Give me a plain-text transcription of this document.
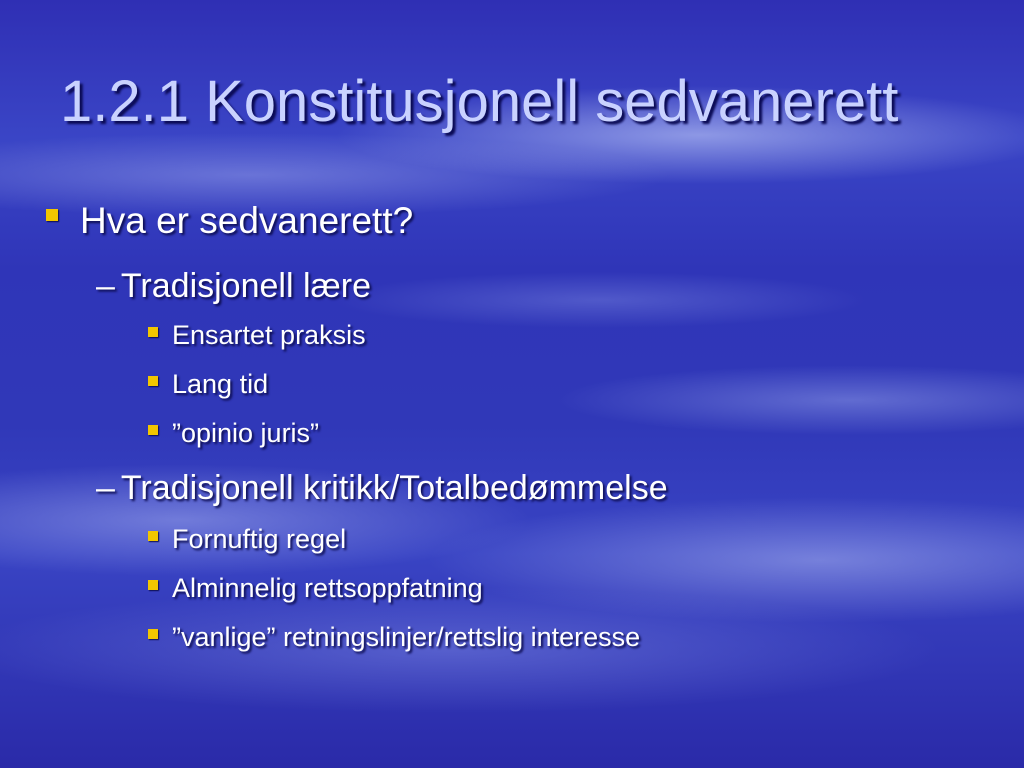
1.2.1 Konstitusjonell sedvanerett
Hva er sedvanerett?
– Tradisjonell lære
Ensartet praksis
Lang tid
”opinio juris”
– Tradisjonell kritikk/Totalbedømmelse
Fornuftig regel
Alminnelig rettsoppfatning
”vanlige” retningslinjer/rettslig interesse
